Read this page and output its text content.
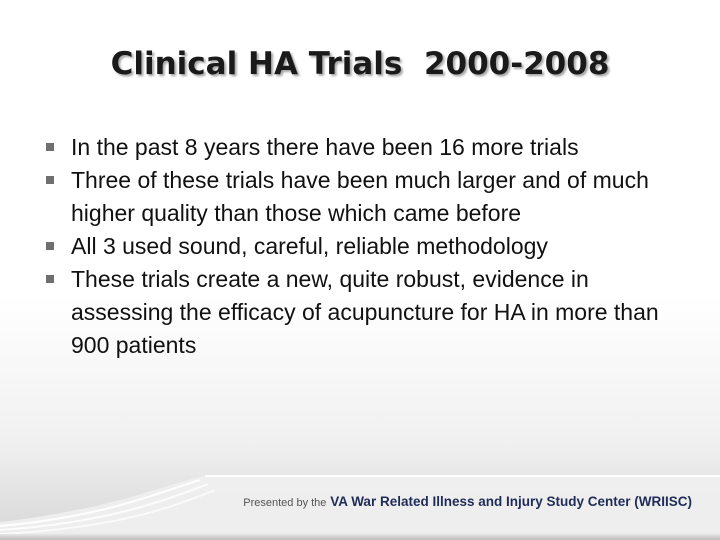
Clinical HA Trials  2000-2008
In the past 8 years there have been 16 more trials
Three of these trials have been much larger and of much higher quality than those which came before
All 3 used sound, careful, reliable methodology
These trials create a new, quite robust, evidence in assessing the efficacy of acupuncture for HA in more than 900 patients
Presented by the VA War Related Illness and Injury Study Center (WRIISC)
